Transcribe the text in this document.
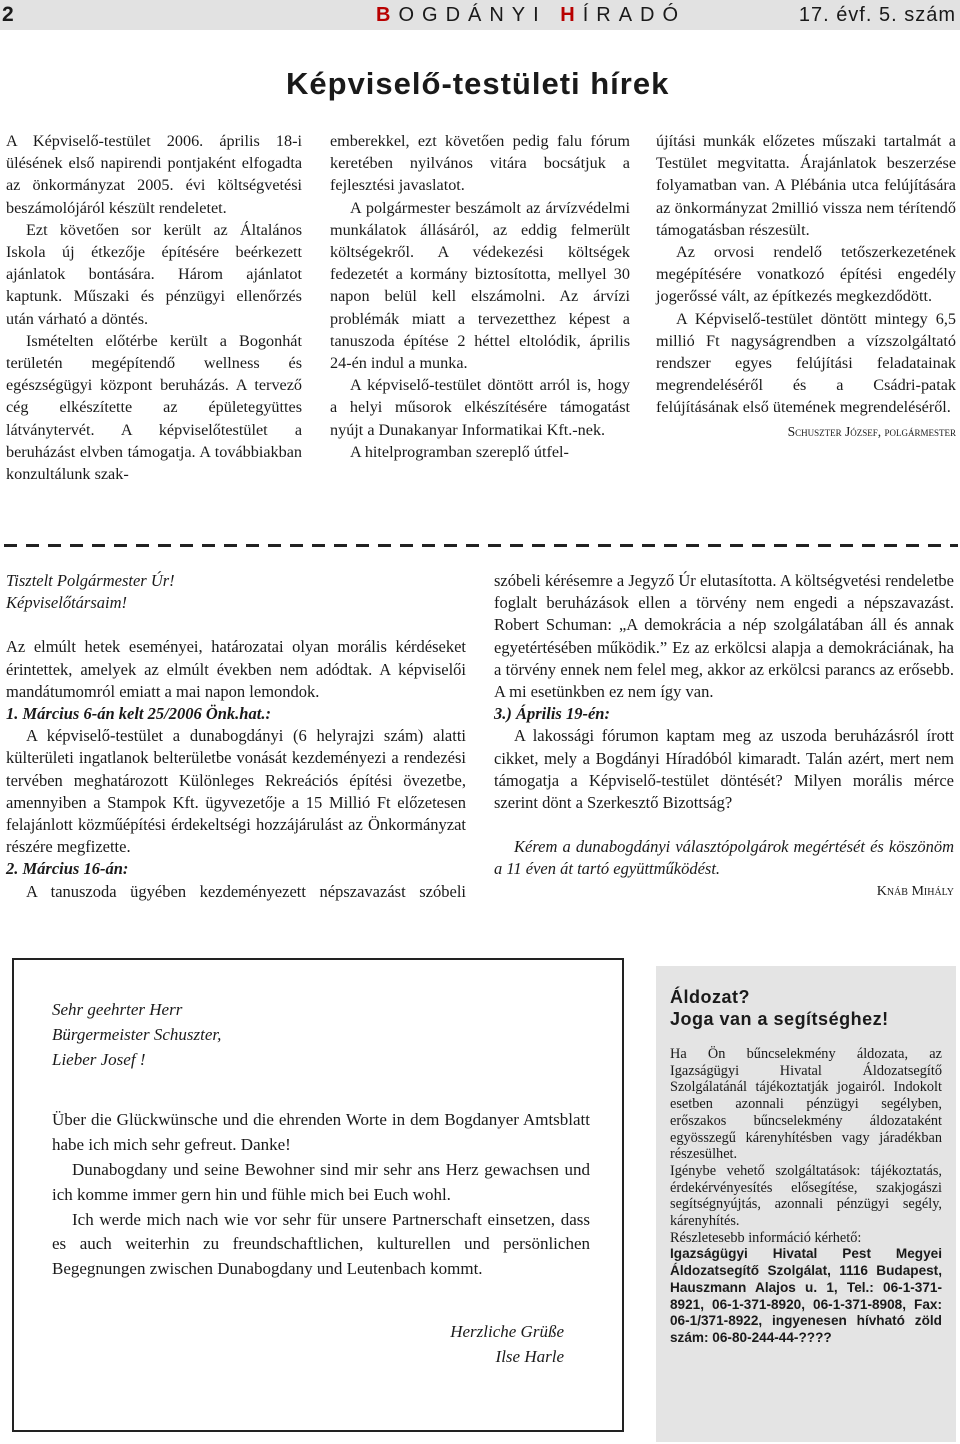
2	BOGDÁNYI HÍRADÓ	17. évf. 5. szám
Képviselő-testületi hírek

A Képviselő-testület 2006. április 18-i ülésének első napirendi pontjaként elfogadta az önkormányzat 2005. évi költségvetési beszámolójáról készült rendeletet.

Ezt követően sor került az Általános Iskola új étkezője építésére beérkezett ajánlatok bontására. Három ajánlatot kaptunk. Műszaki és pénzügyi ellenőrzés után várható a döntés.

Ismételten előtérbe került a Bogonhát területén megépítendő wellness és egészségügyi központ beruházás. A tervező cég elkészítette az épületegyüttes látványtervét. A képviselőtestület a beruházást elvben támogatja. A továbbiakban konzultálunk szak-

emberekkel, ezt követően pedig falu fórum keretében nyilvános vitára bocsátjuk a fejlesztési javaslatot.

A polgármester beszámolt az árvízvédelmi munkálatok állásáról, az eddig felmerült költségekről. A védekezési költségek fedezetét a kormány biztosította, mellyel 30 napon belül kell elszámolni. Az árvízi problémák miatt a tervezetthez képest a tanuszoda építése 2 héttel eltolódik, április 24-én indul a munka.

A képviselő-testület döntött arról is, hogy a helyi műsorok elkészítésére támogatást nyújt a Dunakanyar Informatikai Kft.-nek.

A hitelprogramban szereplő útfel-

újítási munkák előzetes műszaki tartalmát a Testület megvitatta. Árajánlatok beszerzése folyamatban van. A Plébánia utca felújítására az önkormányzat 2millió vissza nem térítendő támogatásban részesült.

Az orvosi rendelő tetőszerkezetének megépítésére vonatkozó építési engedély jogerőssé vált, az építkezés megkezdődött.

A Képviselő-testület döntött mintegy 6,5 millió Ft nagyságrendben a vízszolgáltató rendszer egyes felújítási feladatainak megrendeléséről és a Csádri-patak felújításának első ütemének megrendeléséről.

Schuszter József, polgármester

Tisztelt Polgármester Úr!

Képviselőtársaim!

Az elmúlt hetek eseményei, határozatai olyan morális kérdéseket érintettek, amelyek az elmúlt években nem adódtak. A képviselői mandátumomról emiatt a mai napon lemondok.

1. Március 6-án kelt 25/2006 Önk.hat.:

A képviselő-testület a dunabogdányi (6 helyrajzi szám) alatti külterületi ingatlanok belterületbe vonását kezdeményezi a rendezési tervében meghatározott Különleges Rekreációs építési övezetbe, amennyiben a Stampok Kft. ügyvezetője a 15 Millió Ft előzetesen felajánlott közműépítési érdekeltségi hozzájárulást az Önkormányzat részére megfizette.

2. Március 16-án:

A tanuszoda ügyében kezdeményezett népszavazást szóbeli

szóbeli kérésemre a Jegyző Úr elutasította. A költségvetési rendeletbe foglalt beruházások ellen a törvény nem engedi a népszavazást. Robert Schuman: „A demokrácia a nép szolgálatában áll és annak egyetértésében működik.” Ez az erkölcsi alapja a demokráciának, ha a törvény ennek nem felel meg, akkor az erkölcsi parancs az erősebb. A mi esetünkben ez nem így van.

3.) Április 19-én:

A lakossági fórumon kaptam meg az uszoda beruházásról írott cikket, mely a Bogdányi Híradóból kimaradt. Talán azért, mert nem támogatja a Képviselő-testület döntését? Milyen morális mérce szerint dönt a Szerkesztő Bizottság?

Kérem a dunabogdányi választópolgárok megértését és köszönöm a 11 éven át tartó együttműködést.

Knáb Mihály

Sehr geehrter Herr

Bürgermeister Schuszter,

Lieber Josef !

Über die Glückwünsche und die ehrenden Worte in dem Bogdanyer Amtsblatt habe ich mich sehr gefreut. Danke!

Dunabogdany und seine Bewohner sind mir sehr ans Herz gewachsen und ich komme immer gern hin und fühle mich bei Euch wohl.

Ich werde mich nach wie vor sehr für unsere Partnerschaft einsetzen, dass es auch weiterhin zu freundschaftlichen, kulturellen und persönlichen Begegnungen zwischen Dunabogdany und Leutenbach kommt.

Herzliche Grüße

Ilse Harle

Áldozat?
Joga van a segítséghez!

Ha Ön bűncselekmény áldozata, az Igazságügyi Hivatal Áldozatsegítő Szolgálatánál tájékoztatják jogairól. Indokolt esetben azonnali pénzügyi segélyben, erőszakos bűncselekmény áldozataként egyösszegű kárenyhítésben vagy járadékban részesülhet.

Igénybe vehető szolgáltatások: tájékoztatás, érdekérvényesítés elősegítése, szakjogászi segítségnyújtás, azonnali pénzügyi segély, kárenyhítés.

Részletesebb információ kérhető:

Igazságügyi Hivatal Pest Megyei Áldozatsegítő Szolgálat, 1116 Budapest, Hauszmann Alajos u. 1, Tel.: 06-1-371-8921, 06-1-371-8920, 06-1-371-8908, Fax: 06-1/371-8922, ingyenesen hívható zöld szám: 06-80-244-44-????
